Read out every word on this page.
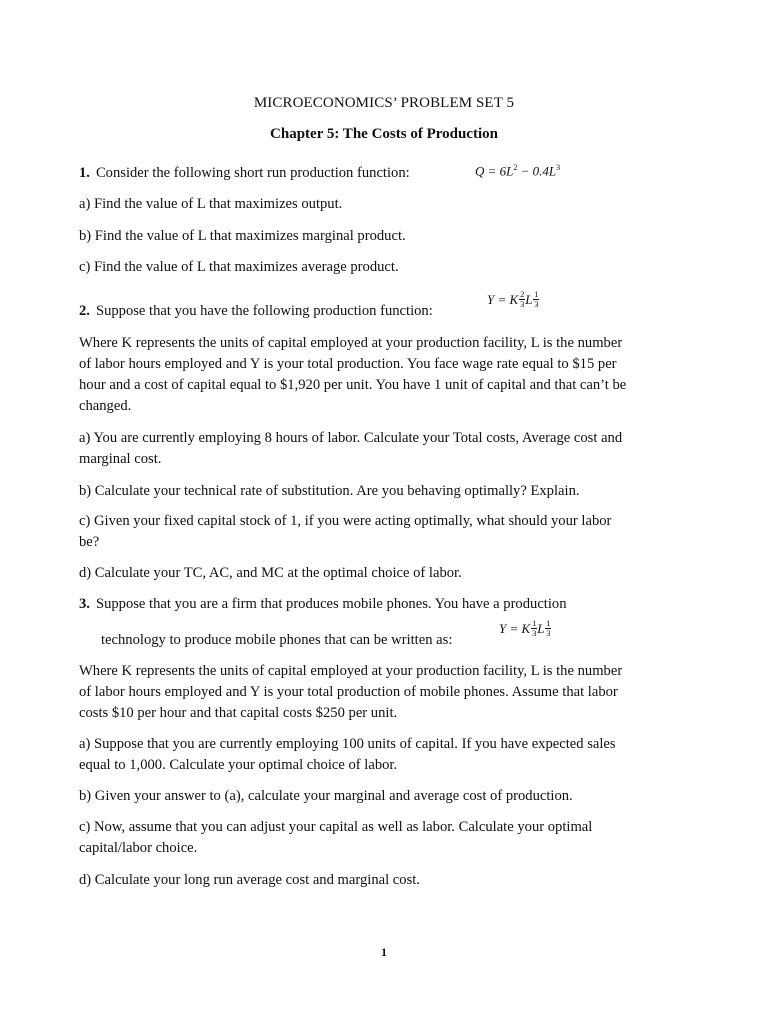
MICROECONOMICS’ PROBLEM SET 5
Chapter 5: The Costs of Production
1. Consider the following short run production function:	$Q = 6L^2 - 0.4L^3$
a) Find the value of L that maximizes output.
b) Find the value of L that maximizes marginal product.
c) Find the value of L that maximizes average product.
2. Suppose that you have the following production function:
Y = K $\frac{2}{3}$ L $\frac{1}{3}$
Where K represents the units of capital employed at your production facility, L is the number
of labor hours employed and Y is your total production. You face wage rate equal to $15 per
hour and a cost of capital equal to $1,920 per unit. You have 1 unit of capital and that can’t be
changed.
a) You are currently employing 8 hours of labor. Calculate your Total costs, Average cost and
marginal cost.
b) Calculate your technical rate of substitution. Are you behaving optimally? Explain.
c) Given your fixed capital stock of 1, if you were acting optimally, what should your labor
be?
d) Calculate your TC, AC, and MC at the optimal choice of labor.
3. Suppose that you are a firm that produces mobile phones. You have a production
technology to produce mobile phones that can be written as:
Y = K $\frac{1}{3}$ L $\frac{1}{3}$
Where K represents the units of capital employed at your production facility, L is the number
of labor hours employed and Y is your total production of mobile phones. Assume that labor
costs $10 per hour and that capital costs $250 per unit.
a) Suppose that you are currently employing 100 units of capital. If you have expected sales
equal to 1,000. Calculate your optimal choice of labor.
b) Given your answer to (a), calculate your marginal and average cost of production.
c) Now, assume that you can adjust your capital as well as labor. Calculate your optimal
capital/labor choice.
d) Calculate your long run average cost and marginal cost.
1
